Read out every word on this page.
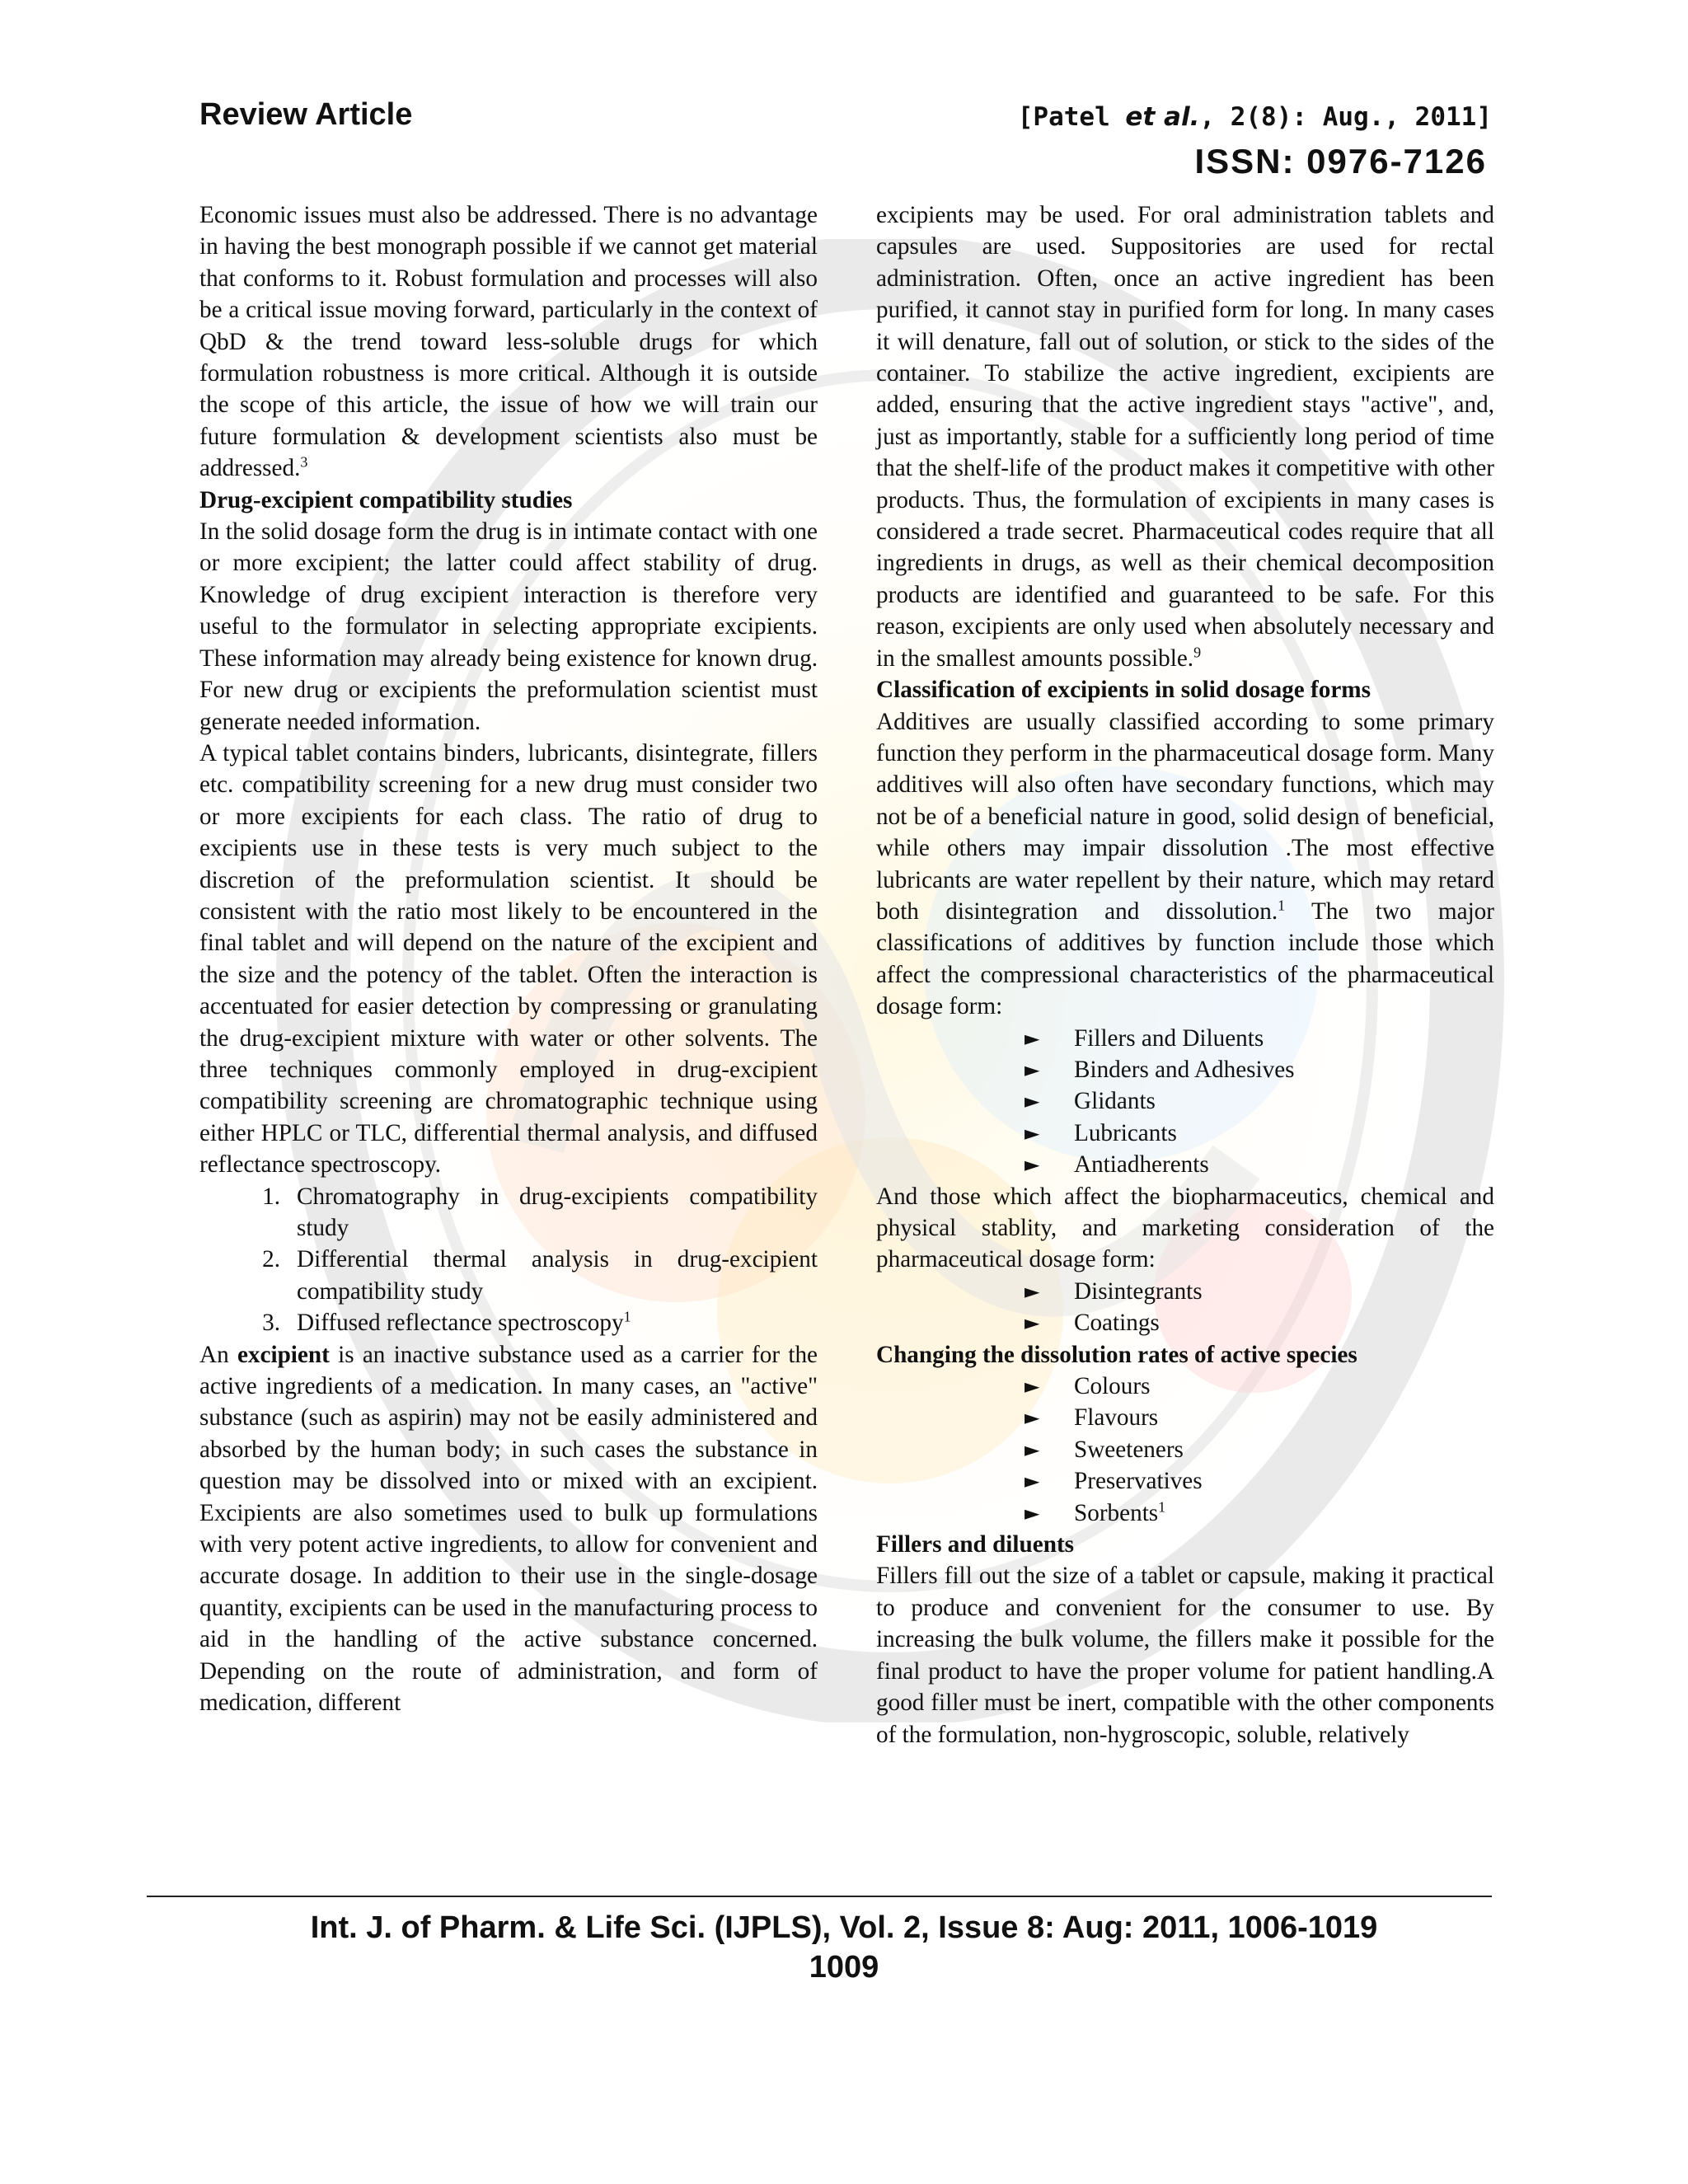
Review Article	[Patel et al., 2(8): Aug., 2011]
ISSN: 0976-7126

Economic issues must also be addressed. There is no advantage in having the best monograph possible if we cannot get material that conforms to it. Robust formulation and processes will also be a critical issue moving forward, particularly in the context of QbD & the trend toward less-soluble drugs for which formulation robustness is more critical. Although it is outside the scope of this article, the issue of how we will train our future formulation & development scientists also must be addressed.$^3$

Drug-excipient compatibility studies

In the solid dosage form the drug is in intimate contact with one or more excipient; the latter could affect stability of drug. Knowledge of drug excipient interaction is therefore very useful to the formulator in selecting appropriate excipients. These information may already being existence for known drug. For new drug or excipients the preformulation scientist must generate needed information.

A typical tablet contains binders, lubricants, disintegrate, fillers etc. compatibility screening for a new drug must consider two or more excipients for each class. The ratio of drug to excipients use in these tests is very much subject to the discretion of the preformulation scientist. It should be consistent with the ratio most likely to be encountered in the final tablet and will depend on the nature of the excipient and the size and the potency of the tablet. Often the interaction is accentuated for easier detection by compressing or granulating the drug-excipient mixture with water or other solvents. The three techniques commonly employed in drug-excipient compatibility screening are chromatographic technique using either HPLC or TLC, differential thermal analysis, and diffused reflectance spectroscopy.

1. Chromatography in drug-excipients compatibility study
2. Differential thermal analysis in drug-excipient compatibility study
3. Diffused reflectance spectroscopy$^1$

An excipient is an inactive substance used as a carrier for the active ingredients of a medication. In many cases, an "active" substance (such as aspirin) may not be easily administered and absorbed by the human body; in such cases the substance in question may be dissolved into or mixed with an excipient. Excipients are also sometimes used to bulk up formulations with very potent active ingredients, to allow for convenient and accurate dosage. In addition to their use in the single-dosage quantity, excipients can be used in the manufacturing process to aid in the handling of the active substance concerned. Depending on the route of administration, and form of medication, different

excipients may be used. For oral administration tablets and capsules are used. Suppositories are used for rectal administration. Often, once an active ingredient has been purified, it cannot stay in purified form for long. In many cases it will denature, fall out of solution, or stick to the sides of the container. To stabilize the active ingredient, excipients are added, ensuring that the active ingredient stays "active", and, just as importantly, stable for a sufficiently long period of time that the shelf-life of the product makes it competitive with other products. Thus, the formulation of excipients in many cases is considered a trade secret. Pharmaceutical codes require that all ingredients in drugs, as well as their chemical decomposition products are identified and guaranteed to be safe. For this reason, excipients are only used when absolutely necessary and in the smallest amounts possible.$^9$

Classification of excipients in solid dosage forms

Additives are usually classified according to some primary function they perform in the pharmaceutical dosage form. Many additives will also often have secondary functions, which may not be of a beneficial nature in good, solid design of beneficial, while others may impair dissolution .The most effective lubricants are water repellent by their nature, which may retard both disintegration and dissolution.$^1$ The two major classifications of additives by function include those which affect the compressional characteristics of the pharmaceutical dosage form:

►	Fillers and Diluents
►	Binders and Adhesives
►	Glidants
►	Lubricants
►	Antiadherents

And those which affect the biopharmaceutics, chemical and physical stablity, and marketing consideration of the pharmaceutical dosage form:

►	Disintegrants
►	Coatings

Changing the dissolution rates of active species

►	Colours
►	Flavours
►	Sweeteners
►	Preservatives
►	Sorbents$^1$

Fillers and diluents

Fillers fill out the size of a tablet or capsule, making it practical to produce and convenient for the consumer to use. By increasing the bulk volume, the fillers make it possible for the final product to have the proper volume for patient handling.A good filler must be inert, compatible with the other components of the formulation, non-hygroscopic, soluble, relatively

Int. J. of Pharm. & Life Sci. (IJPLS), Vol. 2, Issue 8: Aug: 2011, 1006-1019
1009
